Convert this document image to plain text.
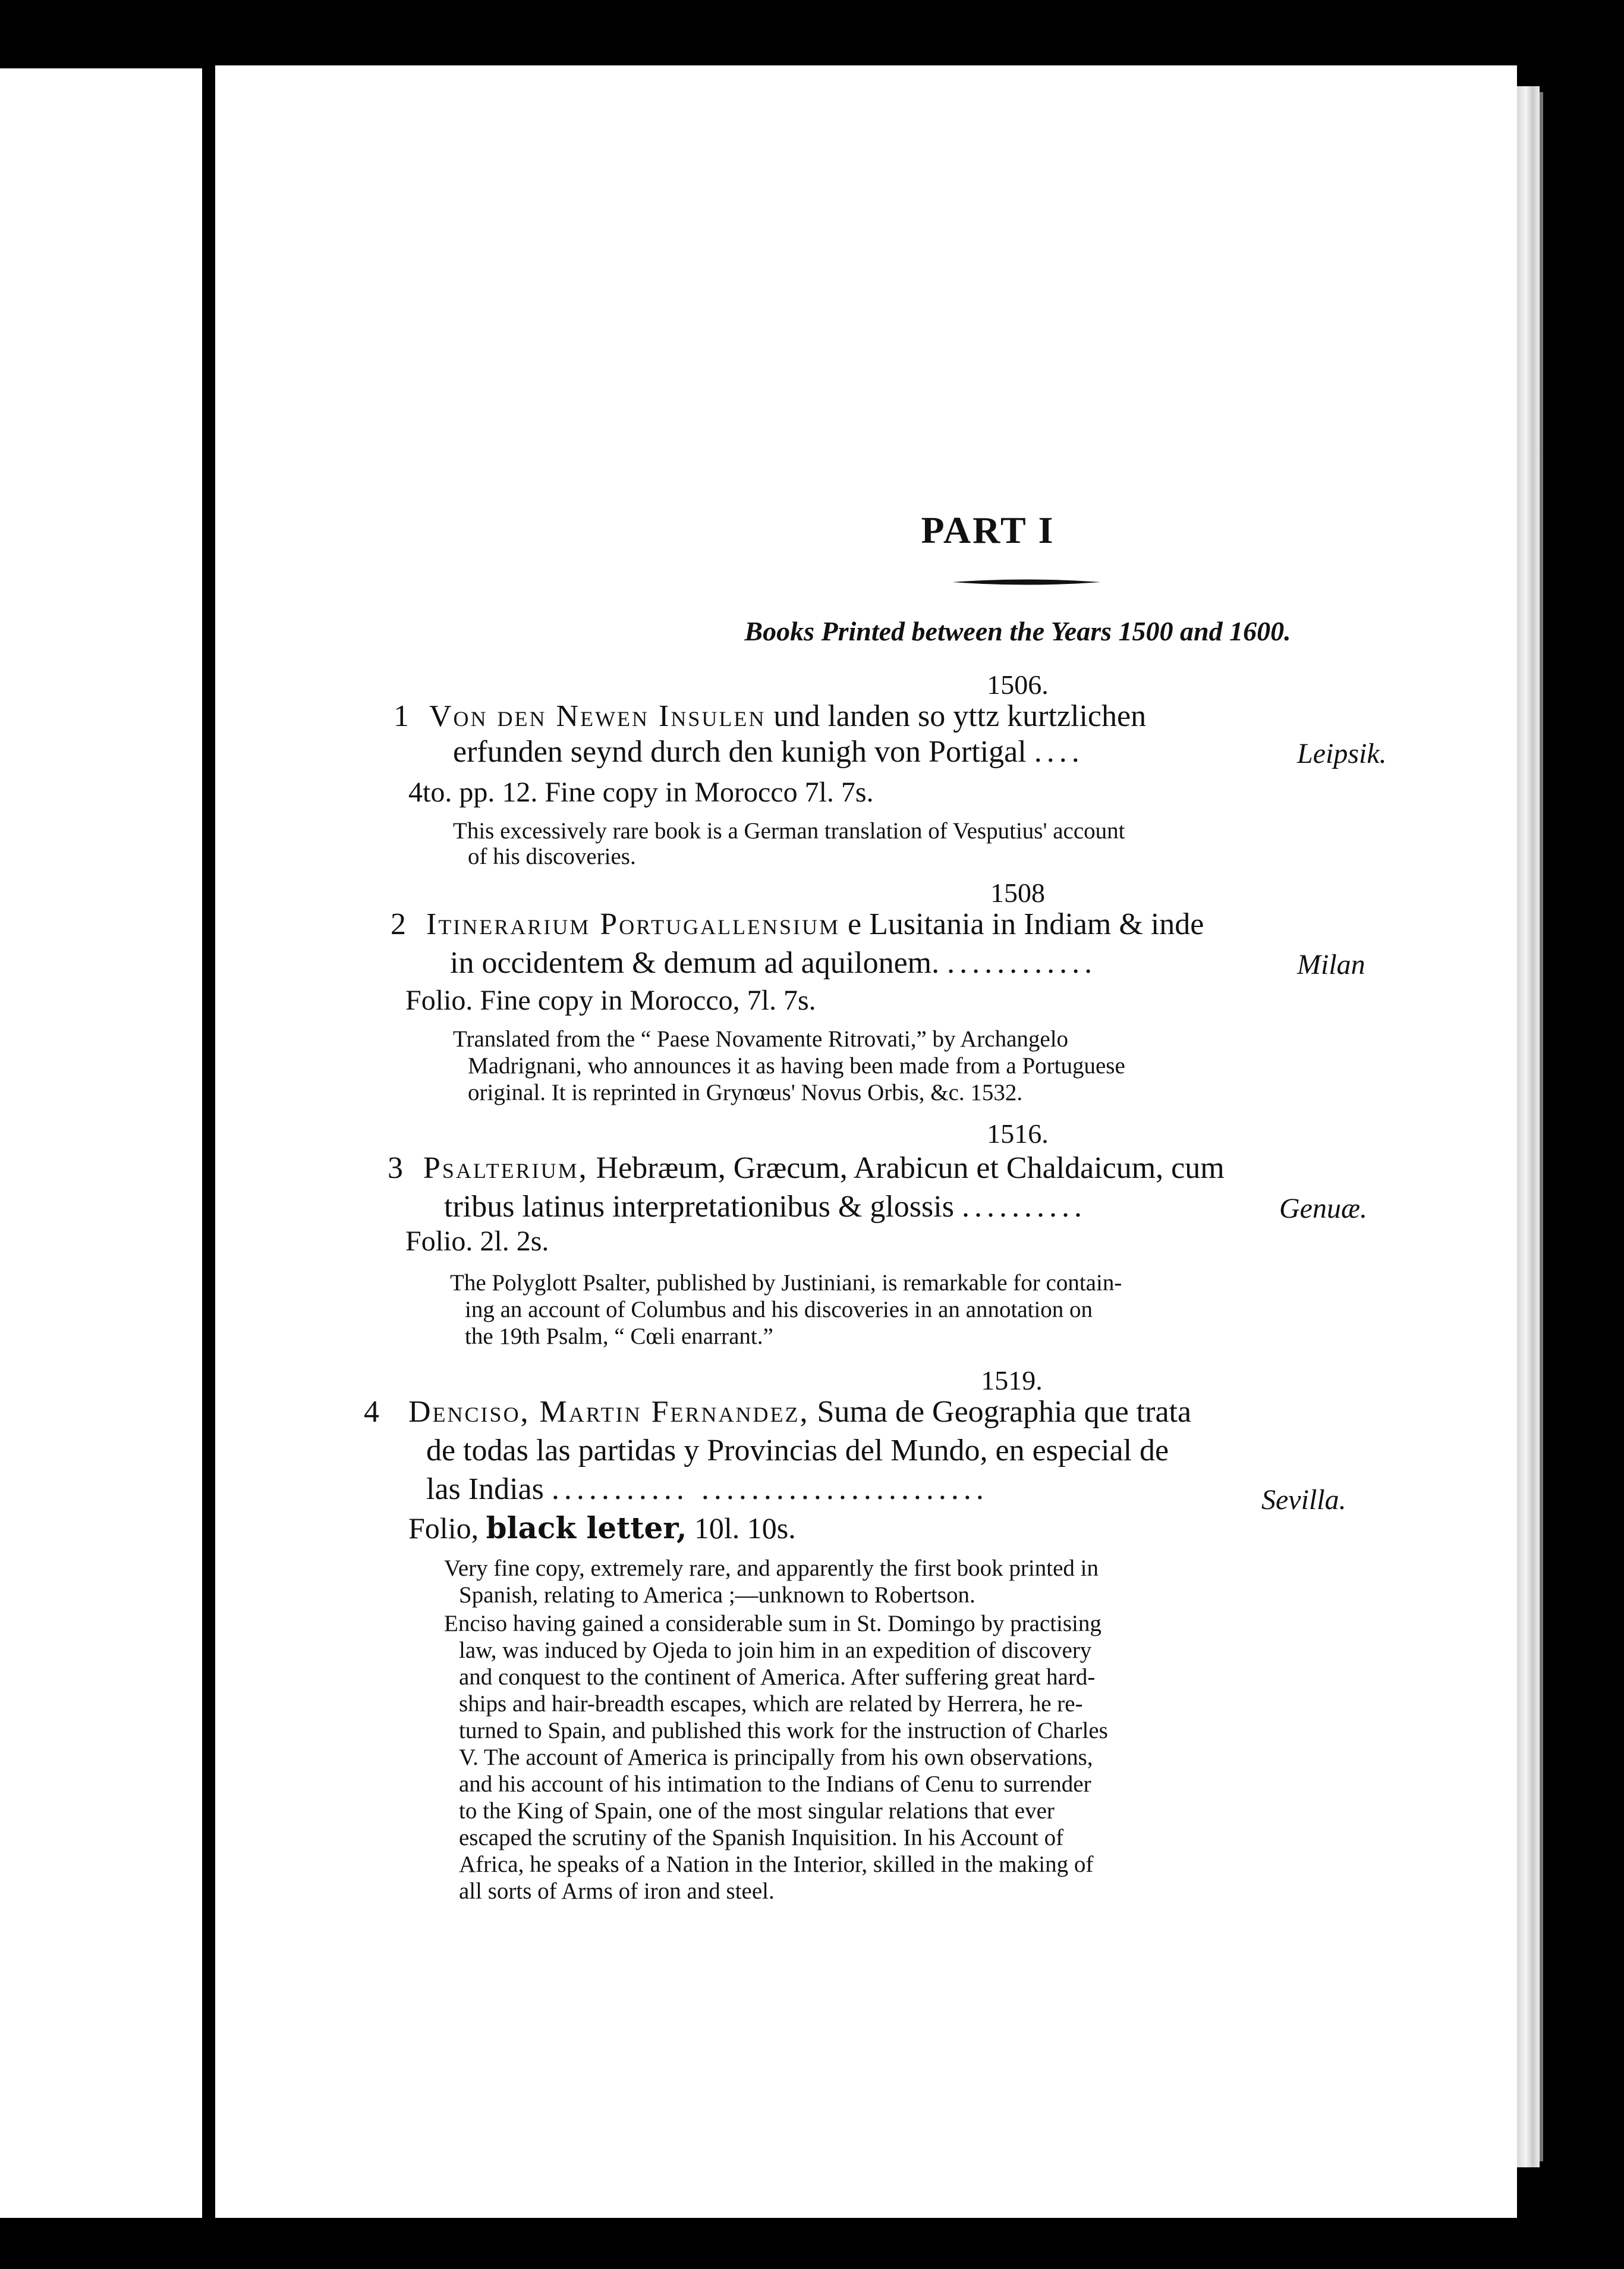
PART I
Books Printed between the Years 1500 and 1600.
1506.
1 Von den Newen Insulen und landen so yttz kurtzlichen
erfunden seynd durch den kunigh von Portigal ....	Leipsik.
4to. pp. 12. Fine copy in Morocco 7l. 7s.
This excessively rare book is a German translation of Vesputius' account
of his discoveries.
1508
2 Itinerarium Portugallensium e Lusitania in Indiam & inde
in occidentem & demum ad aquilonem. ............	Milan
Folio. Fine copy in Morocco, 7l. 7s.
Translated from the “ Paese Novamente Ritrovati,” by Archangelo
Madrignani, who announces it as having been made from a Portuguese
original. It is reprinted in Grynœus' Novus Orbis, &c. 1532.
1516.
3 Psalterium, Hebræum, Græcum, Arabicun et Chaldaicum, cum
tribus latinus interpretationibus & glossis ..........	Genuæ.
Folio. 2l. 2s.
The Polyglott Psalter, published by Justiniani, is remarkable for contain-
ing an account of Columbus and his discoveries in an annotation on
the 19th Psalm, “ Cœli enarrant.”
1519.
4 Denciso, Martin Fernandez, Suma de Geographia que trata
de todas las partidas y Provincias del Mundo, en especial de
las Indias ........... .......................	Sevilla.
Folio, black letter, 10l. 10s.
Very fine copy, extremely rare, and apparently the first book printed in
Spanish, relating to America ;—unknown to Robertson.
Enciso having gained a considerable sum in St. Domingo by practising
law, was induced by Ojeda to join him in an expedition of discovery
and conquest to the continent of America. After suffering great hard-
ships and hair-breadth escapes, which are related by Herrera, he re-
turned to Spain, and published this work for the instruction of Charles
V. The account of America is principally from his own observations,
and his account of his intimation to the Indians of Cenu to surrender
to the King of Spain, one of the most singular relations that ever
escaped the scrutiny of the Spanish Inquisition. In his Account of
Africa, he speaks of a Nation in the Interior, skilled in the making of
all sorts of Arms of iron and steel.
